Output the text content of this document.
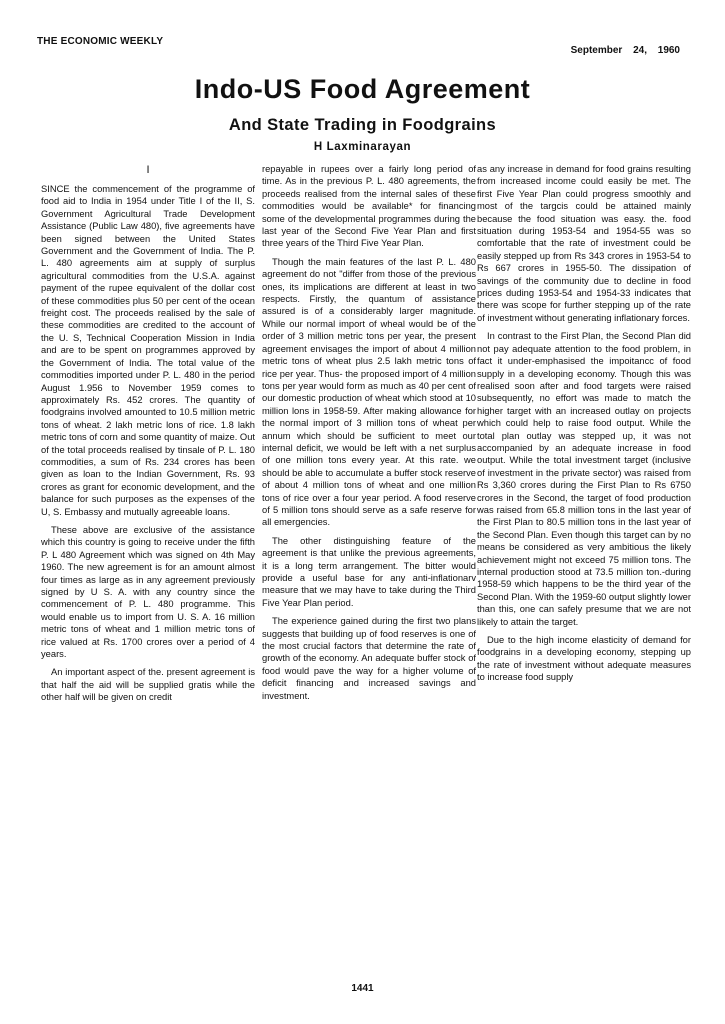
THE ECONOMIC WEEKLY
September 24, 1960
Indo-US Food Agreement
And State Trading in Foodgrains
H Laxminarayan
I

SINCE the commencement of the programme of food aid to India in 1954 under Title I of the II, S. Government Agricultural Trade Development Assistance (Public Law 480), five agreements have been signed between the United States Government and the Government of India. The P. L. 480 agreements aim at supply of surplus agricultural commodities from the U.S.A. against payment of the rupee equivalent of the dollar cost of these commodities plus 50 per cent of the ocean freight cost. The proceeds realised by the sale of these commodities are credited to the account of the U. S, Technical Cooperation Mission in India and are to be spent on programmes approved by the Government of India. The total value of the commodities imported under P. L. 480 in the period August 1.956 to November 1959 comes to approximately Rs. 452 crores. The quantity of foodgrains involved amounted to 10.5 million metric tons of wheat. 2 lakh metric lons of rice. 1.8 lakh metric tons of corn and some quantity of maize. Out of the total proceeds realised by tinsale of P. L. 180 commodities, a sum of Rs. 234 crores has been given as loan to the Indian Government, Rs. 93 crores as grant for economic development, and the balance for such purposes as the expenses of the U, S. Embassy and mutually agreeable loans.

These above are exclusive of the assistance which this country is going to receive under the fifth P. L 480 Agreement which was signed on 4th May 1960. The new agreement is for an amount almost four times as large as in any agreement previously signed by U S. A. with any country since the commencement of P. L. 480 programme. This would enable us to import from U. S. A. 16 million metric tons of wheat and 1 million metric tons of rice valued at Rs. 1700 crores over a period of 4 years.

An important aspect of the. present agreement is that half the aid will be supplied gratis while the other half will be given on credit

repayable in rupees over a fairly long period of time. As in the previous P. L. 480 agreements, the proceeds realised from the internal sales of these commodities would be available* for financing some of the developmental programmes during the last year of the Second Five Year Plan and first three years of the Third Five Year Plan.

Though the main features of the last P. L. 480 agreement do not "differ from those of the previous ones, its implications are different at least in two respects. Firstly, the quantum of assistance assured is of a considerably larger magnitude. While our normal import of wheal would be of the order of 3 million metric tons per year, the present agreement envisages the import of about 4 million metric tons of wheat plus 2.5 lakh metric tons of rice per year. Thus- the proposed import of 4 million tons per year would form as much as 40 per cent of our domestic production of wheat which stood at 10 million lons in 1958-59. After making allowance for the normal import of 3 million tons of wheat per annum which should be sufficient to meet our internal deficit, we would be left with a net surplus of one million tons every year. At this rate. we should be able to accumulate a buffer stock reserve of about 4 million tons of wheat and one million tons of rice over a four year period. A food reserve of 5 million tons should serve as a safe reserve for all emergencies.

The other distinguishing feature of the agreement is that unlike the previous agreements, it is a long term arrangement. The bitter would provide a useful base for any anti-inflationarv measure that we may have to take during the Third Five Year Plan period.

The experience gained during the first two plans suggests that building up of food reserves is one of the most crucial factors that determine the rate of growth of the economy. An adequate buffer stock of food would pave the way for a higher volume of deficit financing and increased savings and investment.

as any increase in demand for food grains resulting from increased income could easily be met. The first Five Year Plan could progress smoothly and most of the targcis could be attained mainly because the food situation was easy. the. food situation during 1953-54 and 1954-55 was so comfortable that the rate of investment could be easily stepped up from Rs 343 crores in 1953-54 to Rs 667 crores in 1955-50. The dissipation of savings of the community due to decline in food prices duding 1953-54 and 1954-33 indicates that there was scope for further stepping up of the rate of investment without generating inflationary forces.

In contrast to the First Plan, the Second Plan did not pay adequate attention to the food problem, in fact it under-emphasised the impoitancc of food supply in a developing economy. Though this was realised soon after and food targets were raised subsequently, no effort was made to match the higher target with an increased outlay on projects which could help to raise food output. While the total plan outlay was stepped up, it was not accompanied by an adequate increase in food output. While the total investment target (inclusive of investment in the private sector) was raised from Rs 3,360 crores during the First Plan to Rs 6750 crores in the Second, the target of food production was raised from 65.8 million tons in the last year of the First Plan to 80.5 million tons in the last year of the Second Plan. Even though this target can by no means be considered as very ambitious the likely achievement might not exceed 75 million tons. The internal production stood at 73.5 million ton.-during 1958-59 which happens to be the third year of the Second Plan. With the 1959-60 output slightly lower than this, one can safely presume that we are not likely to attain the target.

Due to the high income elasticity of demand for foodgrains in a developing economy, stepping up the rate of investment without adequate measures to increase food supply

1441
